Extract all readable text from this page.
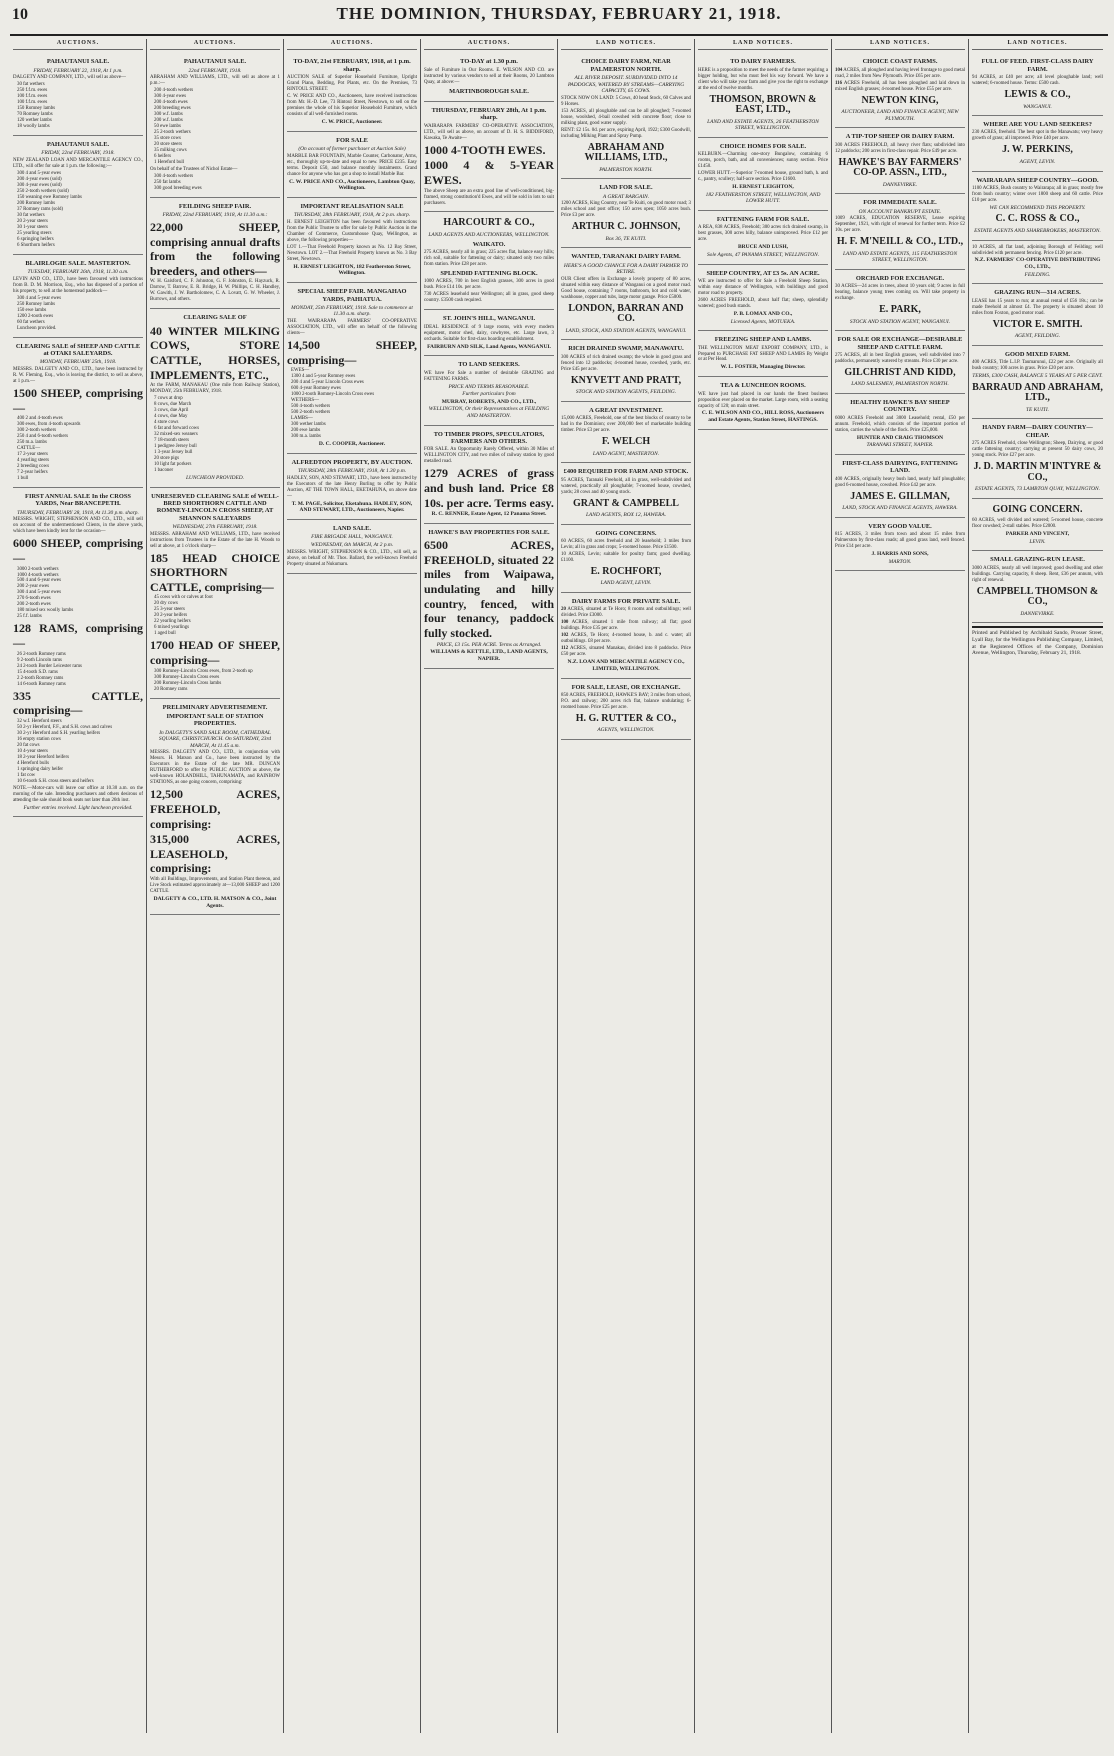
10	THE DOMINION, THURSDAY, FEBRUARY 21, 1918.
AUCTIONS.
PAHAUTANUI SALE.

FRIDAY, FEBRUARY 22, 1918, At 1 p.m.

DALGETY AND COMPANY, LTD., will sell as above—

30 fat wethers
250 f.f.m. ewes
100 f.f.m. ewes
100 f.f.m. ewes
150 Romney lambs
70 Romney lambs
120 wether lambs
18 woolly lambs
PAHAUTANUI SALE.

FRIDAY, 22nd FEBRUARY, 1918.

NEW ZEALAND LOAN AND MERCANTILE AGENCY CO., LTD., will offer for sale at 1 p.m. the following:—

300 4 and 5-year ewes
200 4-year ewes (sold)
300 4-year ewes (sold)
250 2-tooth wethers (sold)
150 weaning ewe Romney lambs
200 Romney lambs
37 Romney rams (sold)
30 fat wethers
20 2-year steers
30 1-year steers
25 yearling steers
6 springing heifers
6 Shorthorn heifers
BLAIRLOGIE SALE. MASTERTON.

TUESDAY, FEBRUARY 26th, 1918, 11.30 a.m.

LEVIN AND CO., LTD., have been favoured with instructions from B. D. M. Morrison, Esq., who has disposed of a portion of his property, to sell at the homestead paddock—

300 4 and 5-year ewes
250 Romney lambs
150 ewe lambs
1200 2-tooth ewes
60 fat wethers
Luncheon provided.
CLEARING SALE of SHEEP AND CATTLE at OTAKI SALEYARDS.

MONDAY, FEBRUARY 25th, 1918.

MESSRS. DALGETY AND CO., LTD., have been instructed by R. W. Fleming, Esq., who is leaving the district, to sell as above, at 1 p.m.—

1500 SHEEP, comprising—

400 2 and 4-tooth ewes
300 ewes, from 4-tooth upwards
300 2-tooth wethers
250 4 and 6-tooth wethers
250 m.a. lambs
CATTLE—
17 2-year steers
4 yearling steers
2 breeding cows
7 2-year heifers
1 bull
FIRST ANNUAL SALE In the CROSS YARDS, Near BRANCEPETH.

THURSDAY, FEBRUARY 28, 1918, At 11.30 p.m. sharp.

MESSRS. WRIGHT, STEPHENSON AND CO., LTD., will sell on account of the undermentioned Clients, in the above yards, which have been kindly lent for the occasion—

6000 SHEEP, comprising—

3000 2-tooth wethers
1000 4-tooth wethers
500 4 and 6-year ewes
200 2-year ewes
300 4 and 5-year ewes
270 6-tooth ewes
200 2-tooth ewes
180 mixed sex woolly lambs
25 f.f. lambs

128 RAMS, comprising—

26 2-tooth Romney rams
9 2-tooth Lincoln rams
24 2-tooth Border Leicester rams
15 4-tooth S.D. rams
2 2-tooth Romney rams
14 6-tooth Romney rams

335 CATTLE, comprising—

32 w.f. Hereford steers
50 2-yr Hereford, F.F., and S.H. cows and calves
30 2-yr Hereford and S.H. yearling heifers
16 empty station cows
20 fat cows
10 4-year steers
18 2-year Hereford heifers
4 Hereford bulls
1 springing dairy heifer
1 fat cow
10 6-tooth S.H. cross steers and heifers

NOTE.—Motor-cars will leave our office at 10.30 a.m. on the morning of the sale. Intending purchasers and others desirous of attending the sale should book seats not later than 26th inst.

Further entries received. Light luncheon provided.

AUCTIONS.
PAHAUTANUI SALE.

22nd FEBRUARY, 1918.

ABRAHAM AND WILLIAMS, LTD., will sell as above at 1 p.m.:—

200 4-tooth wethers
300 4-year ewes
200 4-tooth ewes
200 breeding ewes
300 w.f. lambs
200 w.f. lambs
50 ewe lambs
25 2-tooth wethers
35 store cows
20 store steers
35 milking cows
6 heifers
1 Hereford bull

On behalf of the Trustees of Nichol Estate—

300 4-tooth wethers
250 fat lambs
300 good breeding ewes
FEILDING SHEEP FAIR.

FRIDAY, 22nd FEBRUARY, 1918, At 11.30 a.m.:

22,000 SHEEP, comprising annual drafts from the following breeders, and others—

W. H. Gaisford, C. F. Johnston, G. F. Johnston, E. Hayzuck, R. Darrow, T. Barrow, E. R. Bridge, H. W. Phillips, C. H. Handley, W. Gawith, J. W. Bartholomew, C. A. Lovatt, G. W. Wheeler, J. Burrows, and others.

CLEARING SALE OF

40 WINTER MILKING COWS, STORE CATTLE, HORSES, IMPLEMENTS, ETC.,

At the FARM, MANAKAU (One mile from Railway Station), MONDAY, 25th FEBRUARY, 1918.

7 cows at drop
8 cows, due March
3 cows, due April
4 cows, due May
4 store cows
6 fat and forward cows
32 mixed-sex weaners
7 18-month steers
1 pedigree Jersey bull
1 3-year Jersey bull
20 store pigs
10 light fat porkers
1 baconer

LUNCHEON PROVIDED.

UNRESERVED CLEARING SALE of WELL-BRED SHORTHORN CATTLE AND ROMNEY-LINCOLN CROSS SHEEP, AT SHANNON SALEYARDS

WEDNESDAY, 27th FEBRUARY, 1918.

MESSRS. ABRAHAM AND WILLIAMS, LTD., have received instructions from Trustees in the Estate of the late H. Woods to sell at above, at 1 o'clock sharp—

185 HEAD CHOICE SHORTHORN CATTLE, comprising—

45 cows with or calves at foot
20 dry cows
25 3-year steers
20 2-year heifers
22 yearling heifers
6 mixed yearlings
1 aged bull

1700 HEAD OF SHEEP, comprising—

300 Romney-Lincoln Cross ewes, from 2-tooth up
300 Romney-Lincoln Cross ewes
200 Romney-Lincoln Cross lambs
20 Romney rams
PRELIMINARY ADVERTISEMENT.
IMPORTANT SALE OF STATION PROPERTIES.

In DALGETY'S SAND SALE ROOM, CATHEDRAL SQUARE, CHRISTCHURCH. On SATURDAY, 23rd MARCH, At 11.45 a.m.

MESSRS. DALGETY AND CO., LTD., in conjunction with Messrs. H. Matson and Co., have been instructed by the Executors in the Estate of the late MR. DUNCAN RUTHERFORD to offer by PUBLIC AUCTION as above, the well-known HOLANDHILL, TAHUNAMATA, and RAINBOW STATIONS, as one going concern, comprising:

12,500 ACRES, FREEHOLD, comprising:

315,000 ACRES, LEASEHOLD, comprising:

With all Buildings, Improvements, and Station Plant thereon, and Live Stock estimated approximately at—13,000 SHEEP and 1200 CATTLE.

DALGETY & CO., LTD. H. MATSON & CO., Joint Agents.

AUCTIONS.
TO-DAY, 21st FEBRUARY, 1918, at 1 p.m. sharp.

AUCTION SALE of Superior Household Furniture, Upright Grand Piano, Bedding, Pot Plants, etc. On the Premises, 73 RINTOUL STREET.

C. W. PRICE AND CO., Auctioneers, have received instructions from Mr. H.-D. Lee, 73 Rintoul Street, Newtown, to sell on the premises the whole of his Superior Household Furniture, which consists of all well-furnished rooms.

C. W. PRICE, Auctioneer.

FOR SALE

(On account of former purchaser at Auction Sale)

MARBLE BAR FOUNTAIN, Marble Counter, Carbonator, Arms, etc., thoroughly up-to-date and equal to new. PRICE £235. Easy terms. Deposit £50, and balance monthly instalments. Grand chance for anyone who has got a shop to install Marble Bar.

C. W. PRICE AND CO., Auctioneers, Lambton Quay, Wellington.

IMPORTANT REALISATION SALE

THURSDAY, 28th FEBRUARY, 1918, At 2 p.m. sharp.

H. ERNEST LEIGHTON has been favoured with instructions from the Public Trustee to offer for sale by Public Auction in the Chamber of Commerce, Customhouse Quay, Wellington, as above, the following properties—

LOT 1.—That Freehold Property known as No. 12 Bay Street, Newtown. LOT 2.—That Freehold Property known as No. 3 Bay Street, Newtown.

H. ERNEST LEIGHTON, 182 Featherston Street, Wellington.

SPECIAL SHEEP FAIR. MANGAHAO YARDS, PAHIATUA.

MONDAY, 25th FEBRUARY, 1918. Sale to commence at 11.30 a.m. sharp.

THE WAIRARAPA FARMERS' CO-OPERATIVE ASSOCIATION, LTD., will offer on behalf of the following clients—

14,500 SHEEP, comprising—

EWES—
1300 4 and 5-year Romney ewes
200 4 and 5-year Lincoln Cross ewes
600 4-year Romney ewes
1000 2-tooth Romney-Lincoln Cross ewes
WETHERS—
500 4-tooth wethers
500 2-tooth wethers
LAMBS—
300 wether lambs
200 ewe lambs
300 m.a. lambs

D. C. COOPER, Auctioneer.

ALFREDTON PROPERTY, BY AUCTION.

THURSDAY, 28th FEBRUARY, 1918, At 1.30 p.m.

HADLEY, SON, AND STEWART, LTD., have been instructed by the Executors of the late Henry Burling to offer by Public Auction, AT THE TOWN HALL, EKETAHUNA, on above date—

T. M. PAGE, Solicitor, Eketahuna. HADLEY, SON, AND STEWART, LTD., Auctioneers, Napier.

LAND SALE.

FIRE BRIGADE HALL, WANGANUI.

WEDNESDAY, 6th MARCH, At 2 p.m.

MESSRS. WRIGHT, STEPHENSON & CO., LTD., will sell, as above, on behalf of Mr. Thos. Ballard, the well-known Freehold Property situated at Nukumaru.

AUCTIONS.
TO-DAY at 1.30 p.m.

Sale of Furniture in Our Rooms. E. WILSON AND CO. are instructed by various vendors to sell at their Rooms, 20 Lambton Quay, at above:—

MARTINBOROUGH SALE.
THURSDAY, FEBRUARY 28th, At 1 p.m. sharp.

WAIRARAPA FARMERS' CO-OPERATIVE ASSOCIATION, LTD., will sell as above, on account of D. H. S. BIDDIFORD, Kawaka, Te Awaite—

1000 4-TOOTH EWES.

1000 4 & 5-YEAR EWES.

The above Sheep are an extra good line of well-conditioned, big-framed, strong constitution'd Ewes, and will be sold in lots to suit purchasers.

HARCOURT & CO.,

LAND AGENTS AND AUCTIONEERS, WELLINGTON.

WAIKATO.

275 ACRES, nearly all in grass; 225 acres flat, balance easy hills; rich soil, suitable for fattening or dairy; situated only two miles from station. Price £28 per acre.

SPLENDID FATTENING BLOCK.

1000 ACRES, 700 in best English grasses, 300 acres in good bush. Price £14 10s. per acre.

730 ACRES leasehold near Wellington; all in grass, good sheep country. £3500 cash required.

ST. JOHN'S HILL, WANGANUI.

IDEAL RESIDENCE of 9 large rooms, with every modern equipment, motor shed, dairy, cowbyres, etc. Large lawn, 3 orchards. Suitable for first-class boarding establishment.

FAIRBURN AND SILK, Land Agents, WANGANUI.

TO LAND SEEKERS.

WE have For Sale a number of desirable GRAZING and FATTENING FARMS.

PRICE AND TERMS REASONABLE.

Further particulars from

MURRAY, ROBERTS, AND CO., LTD.,

WELLINGTON, Or their Representatives at FEILDING AND MASTERTON.

TO TIMBER PROPS, SPECULATORS, FARMERS AND OTHERS.

FOR SALE. An Opportunity Rarely Offered, within 30 Miles of WELLINGTON CITY, and two miles of railway station by good metalled road.

1279 ACRES of grass and bush land. Price £8 10s. per acre. Terms easy.

R. C. RENNER, Estate Agent, 12 Panama Street.

HAWKE'S BAY PROPERTIES FOR SALE.

6500 ACRES, FREEHOLD, situated 22 miles from Waipawa, undulating and hilly country, fenced, with four tenancy, paddock fully stocked.

PRICE, £3 15s. PER ACRE. Terms as Arranged.

WILLIAMS & KETTLE, LTD., LAND AGENTS, NAPIER.

LAND NOTICES.
CHOICE DAIRY FARM, NEAR PALMERSTON NORTH.

ALL RIVER DEPOSIT. SUBDIVIDED INTO 14 PADDOCKS, WATERED BY STREAMS—CARRYING CAPACITY, 65 COWS.

STOCK NOW ON LAND: 5 Cows, 40 head Stock, 60 Calves and 9 Horses.

153 ACRES, all ploughable and can be all ploughed; 7-roomed house, woolshed, 4-bail cowshed with concrete floor; close to milking plant, good water supply.

RENT: £2 15s. 0d. per acre, expiring April, 1922; £300 Goodwill, including Milking Plant and Spray Pump.

ABRAHAM AND WILLIAMS, LTD.,

PALMERSTON NORTH.

LAND FOR SALE.

A GREAT BARGAIN.

1200 ACRES, King Country, near Te Kuiti, on good motor road; 3 miles school and post office; 150 acres open; 1050 acres bush. Price £3 per acre.

ARTHUR C. JOHNSON,

Box 36, TE KUITI.

WANTED, TARANAKI DAIRY FARM.

HERE'S A GOOD CHANCE FOR A DAIRY FARMER TO RETIRE.

OUR Client offers in Exchange a lovely property of 80 acres, situated within easy distance of Wanganui on a good motor road. Good house, containing 7 rooms, bathroom, hot and cold water, washhouse, copper and tubs, large motor garage. Price £5000.

LONDON, BARRAN AND CO.

LAND, STOCK, AND STATION AGENTS, WANGANUI.

RICH DRAINED SWAMP, MANAWATU.

300 ACRES of rich drained swamp; the whole in good grass and fenced into 12 paddocks; 4-roomed house, cowshed, yards, etc. Price £45 per acre.

KNYVETT AND PRATT,

STOCK AND STATION AGENTS, FEILDING.

A GREAT INVESTMENT.

15,000 ACRES, Freehold, one of the best blocks of country to be had in the Dominion; over 200,000 feet of marketable building timber. Price £3 per acre.

F. WELCH

LAND AGENT, MASTERTON.

£400 REQUIRED FOR FARM AND STOCK.

95 ACRES, Taranaki Freehold, all in grass, well-subdivided and watered, practically all ploughable; 7-roomed house, cowshed, yards; 28 cows and 40 young stock.

GRANT & CAMPBELL

LAND AGENTS, BOX 12, HAWERA.

GOING CONCERNS.

60 ACRES, 60 acres freehold and 20 leasehold; 3 miles from Levin; all in grass and crops; 5-roomed house. Price £1500.

10 ACRES, Levin; suitable for poultry farm; good dwelling. £1100.

E. ROCHFORT,

LAND AGENT, LEVIN.

DAIRY FARMS FOR PRIVATE SALE.

20 ACRES, situated at Te Horo; 8 rooms and outbuildings; well divided. Price £3000.

100 ACRES, situated 1 mile from railway; all flat; good buildings. Price £35 per acre.

102 ACRES, Te Horo; 4-roomed house, b. and c. water; all outbuildings. £8 per acre.

112 ACRES, situated Manakau, divided into 8 paddocks. Price £50 per acre.

N.Z. LOAN AND MERCANTILE AGENCY CO., LIMITED, WELLINGTON.

FOR SALE, LEASE, OR EXCHANGE.

850 ACRES, FREEHOLD, HAWKE'S BAY; 3 miles from school, P.O. and railway; 200 acres rich flat, balance undulating; 6-roomed house. Price £25 per acre.

H. G. RUTTER & CO.,

AGENTS, WELLINGTON.

LAND NOTICES.
TO DAIRY FARMERS.

HERE is a proposition to meet the needs of the farmer requiring a bigger holding, but who must feel his way forward. We have a client who will take your farm and give you the right to exchange at the end of twelve months.

THOMSON, BROWN & EAST, LTD.,

LAND AND ESTATE AGENTS, 26 FEATHERSTON STREET, WELLINGTON.

CHOICE HOMES FOR SALE.

KELBURN.—Charming one-story Bungalow, containing 6 rooms, porch, bath, and all conveniences; sunny section. Price £1450.

LOWER HUTT.—Superior 7-roomed house, ground bath, h. and c., pantry, scullery; half-acre section. Price £1600.

H. ERNEST LEIGHTON,

182 FEATHERSTON STREET, WELLINGTON, AND LOWER HUTT.

FATTENING FARM FOR SALE.

A REA, 838 ACRES, Freehold; 300 acres rich drained swamp, in best grasses, 300 acres hilly, balance unimproved. Price £12 per acre.

BRUCE AND LUSH,

Sole Agents, 47 PANAMA STREET, WELLINGTON.

SHEEP COUNTRY, AT £3 5s. AN ACRE.

WE are instructed to offer for Sale a Freehold Sheep Station, within easy distance of Wellington, with buildings and good motor road to property.

2600 ACRES FREEHOLD, about half flat; sheep, splendidly watered; good bush stands.

P. B. LOMAX AND CO.,

Licensed Agents, MOTUEKA.

FREEZING SHEEP AND LAMBS.

THE WELLINGTON MEAT EXPORT COMPANY, LTD., is Prepared to PURCHASE FAT SHEEP AND LAMBS By Weight or at Per Head.

W. L. FOSTER, Managing Director.

TEA & LUNCHEON ROOMS.

WE have just had placed in our hands the finest business proposition ever placed on the market. Large room, with a seating capacity of 120; on main street.

C. E. WILSON AND CO., HILL ROSS, Auctioneers and Estate Agents, Station Street, HASTINGS.

LAND NOTICES.
CHOICE COAST FARMS.

104 ACRES, all ploughed and having level frontage to good metal road, 2 miles from New Plymouth. Price £65 per acre.

116 ACRES Freehold, all has been ploughed and laid down in mixed English grasses; 4-roomed house. Price £55 per acre.

NEWTON KING,

AUCTIONEER, LAND AND FINANCE AGENT, NEW PLYMOUTH.

A TIP-TOP SHEEP OR DAIRY FARM.

300 ACRES FREEHOLD, all heavy river flats; subdivided into 12 paddocks; 200 acres in first-class repair. Price £49 per acre.

HAWKE'S BAY FARMERS' CO-OP. ASSN., LTD.,

DANNEVIRKE.

FOR IMMEDIATE SALE.

ON ACCOUNT BANKRUPT ESTATE.

1009 ACRES, EDUCATION RESERVE, Lease expiring September, 1921, with right of renewal for further term. Price £2 10s. per acre.

H. F. M'NEILL & CO., LTD.,

LAND AND ESTATE AGENTS, 115 FEATHERSTON STREET, WELLINGTON.

ORCHARD FOR EXCHANGE.

30 ACRES—24 acres in trees, about 10 years old; 9 acres in full bearing, balance young trees coming on. Will take property in exchange.

E. PARK,

STOCK AND STATION AGENT, WANGANUI.

FOR SALE OR EXCHANGE—DESIRABLE SHEEP AND CATTLE FARM.

275 ACRES, all in best English grasses, well subdivided into 7 paddocks, permanently watered by streams. Price £30 per acre.

GILCHRIST AND KIDD,

LAND SALESMEN, PALMERSTON NORTH.

HEALTHY HAWKE'S BAY SHEEP COUNTRY.

6000 ACRES Freehold and 3000 Leasehold; rental, £50 per annum. Freehold, which consists of the important portion of station, carries the whole of the flock. Price £25,000.

HUNTER AND CRAIG THOMSON

TARANAKI STREET, NAPIER.

FIRST-CLASS DAIRYING, FATTENING LAND.

400 ACRES, originally heavy bush land, nearly half ploughable; good 6-roomed house, cowshed. Price £42 per acre.

JAMES E. GILLMAN,

LAND, STOCK AND FINANCE AGENTS, HAWERA.

VERY GOOD VALUE.

815 ACRES, 3 miles from town and about 15 miles from Palmerston by first-class roads; all good grass land, well fenced. Price £14 per acre.

J. HARRIS AND SONS,

MARTON.

LAND NOTICES.
FULL OF FEED. FIRST-CLASS DAIRY FARM.

94 ACRES, at £40 per acre; all level ploughable land; well watered; 6-roomed house. Terms: £500 cash.

LEWIS & CO.,

WANGANUI.

WHERE ARE YOU LAND SEEKERS?

230 ACRES, freehold. The best spot in the Manawatu; very heavy growth of grass; all improved. Price £40 per acre.

J. W. PERKINS,

AGENT, LEVIN.

WAIRARAPA SHEEP COUNTRY—GOOD.

1100 ACRES, Bush country to Wairarapa; all in grass; mostly free from bush country; winter over 1800 sheep and 60 cattle. Price £10 per acre.

WE CAN RECOMMEND THIS PROPERTY.

C. C. ROSS & CO.,

ESTATE AGENTS AND SHAREBROKERS, MASTERTON.

10 ACRES, all flat land, adjoining Borough of Feilding; well subdivided with permanent fencing. Price £120 per acre.

N.Z. FARMERS' CO-OPERATIVE DISTRIBUTING CO., LTD.,

FEILDING.

GRAZING RUN—314 ACRES.

LEASE has 15 years to run; at annual rental of £56 18s.; can be made freehold at almost £4. The property is situated about 10 miles from Foxton, good motor road.

VICTOR E. SMITH.

AGENT, FEILDING.

GOOD MIXED FARM.

400 ACRES, Title L.I.P. Taumarunui, £22 per acre. Originally all bush country; 100 acres in grass. Price £20 per acre.

TERMS, £300 CASH, BALANCE 5 YEARS AT 5 PER CENT.

BARRAUD AND ABRAHAM, LTD.,

TE KUITI.

HANDY FARM—DAIRY COUNTRY—CHEAP.

275 ACRES Freehold, close Wellington; Sheep, Dairying, or good cattle fattening country; carrying at present 50 dairy cows, 20 young stock. Price £27 per acre.

J. D. MARTIN M'INTYRE & CO.,

ESTATE AGENTS, 73 LAMBTON QUAY, WELLINGTON.

GOING CONCERN.

60 ACRES, well divided and watered; 5-roomed house, concrete floor cowshed; 2-stall stables. Price £2000.

PARKER AND VINCENT,

LEVIN.

SMALL GRAZING-RUN LEASE.

3000 ACRES, nearly all well improved; good dwelling and other buildings. Carrying capacity, 8 sheep. Rent, £36 per annum, with right of renewal.

CAMPBELL THOMSON & CO.,

DANNEVIRKE.

Printed and Published by Archibald Sando, Prosser Street, Lyall Bay, for the Wellington Publishing Company, Limited, at the Registered Offices of the Company, Dominion Avenue, Wellington, Thursday, February 21, 1918.
